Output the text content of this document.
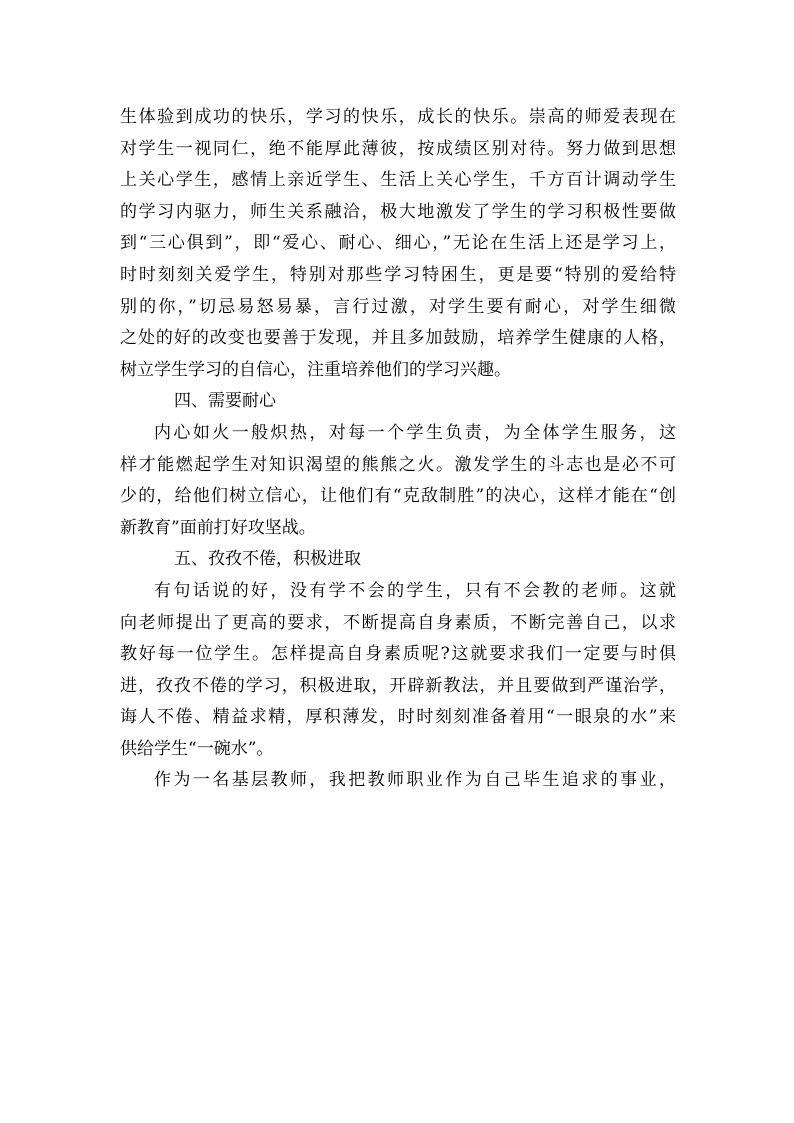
生体验到成功的快乐，学习的快乐，成长的快乐。崇高的师爱表现在
对学生一视同仁，绝不能厚此薄彼，按成绩区别对待。努力做到思想
上关心学生，感情上亲近学生、生活上关心学生，千方百计调动学生
的学习内驱力，师生关系融洽，极大地激发了学生的学习积极性要做
到“三心俱到”，即“爱心、耐心、细心，”无论在生活上还是学习上，
时时刻刻关爱学生，特别对那些学习特困生，更是要“特别的爱给特
别的你，”切忌易怒易暴，言行过激，对学生要有耐心，对学生细微
之处的好的改变也要善于发现，并且多加鼓励，培养学生健康的人格，
树立学生学习的自信心，注重培养他们的学习兴趣。
四、需要耐心
内心如火一般炽热，对每一个学生负责，为全体学生服务，这
样才能燃起学生对知识渴望的熊熊之火。激发学生的斗志也是必不可
少的，给他们树立信心，让他们有“克敌制胜”的决心，这样才能在“创
新教育”面前打好攻坚战。
五、孜孜不倦，积极进取
有句话说的好，没有学不会的学生，只有不会教的老师。这就
向老师提出了更高的要求，不断提高自身素质，不断完善自己，以求
教好每一位学生。怎样提高自身素质呢?这就要求我们一定要与时俱
进，孜孜不倦的学习，积极进取，开辟新教法，并且要做到严谨治学，
诲人不倦、精益求精，厚积薄发，时时刻刻准备着用“一眼泉的水”来
供给学生“一碗水”。
作为一名基层教师，我把教师职业作为自己毕生追求的事业，
